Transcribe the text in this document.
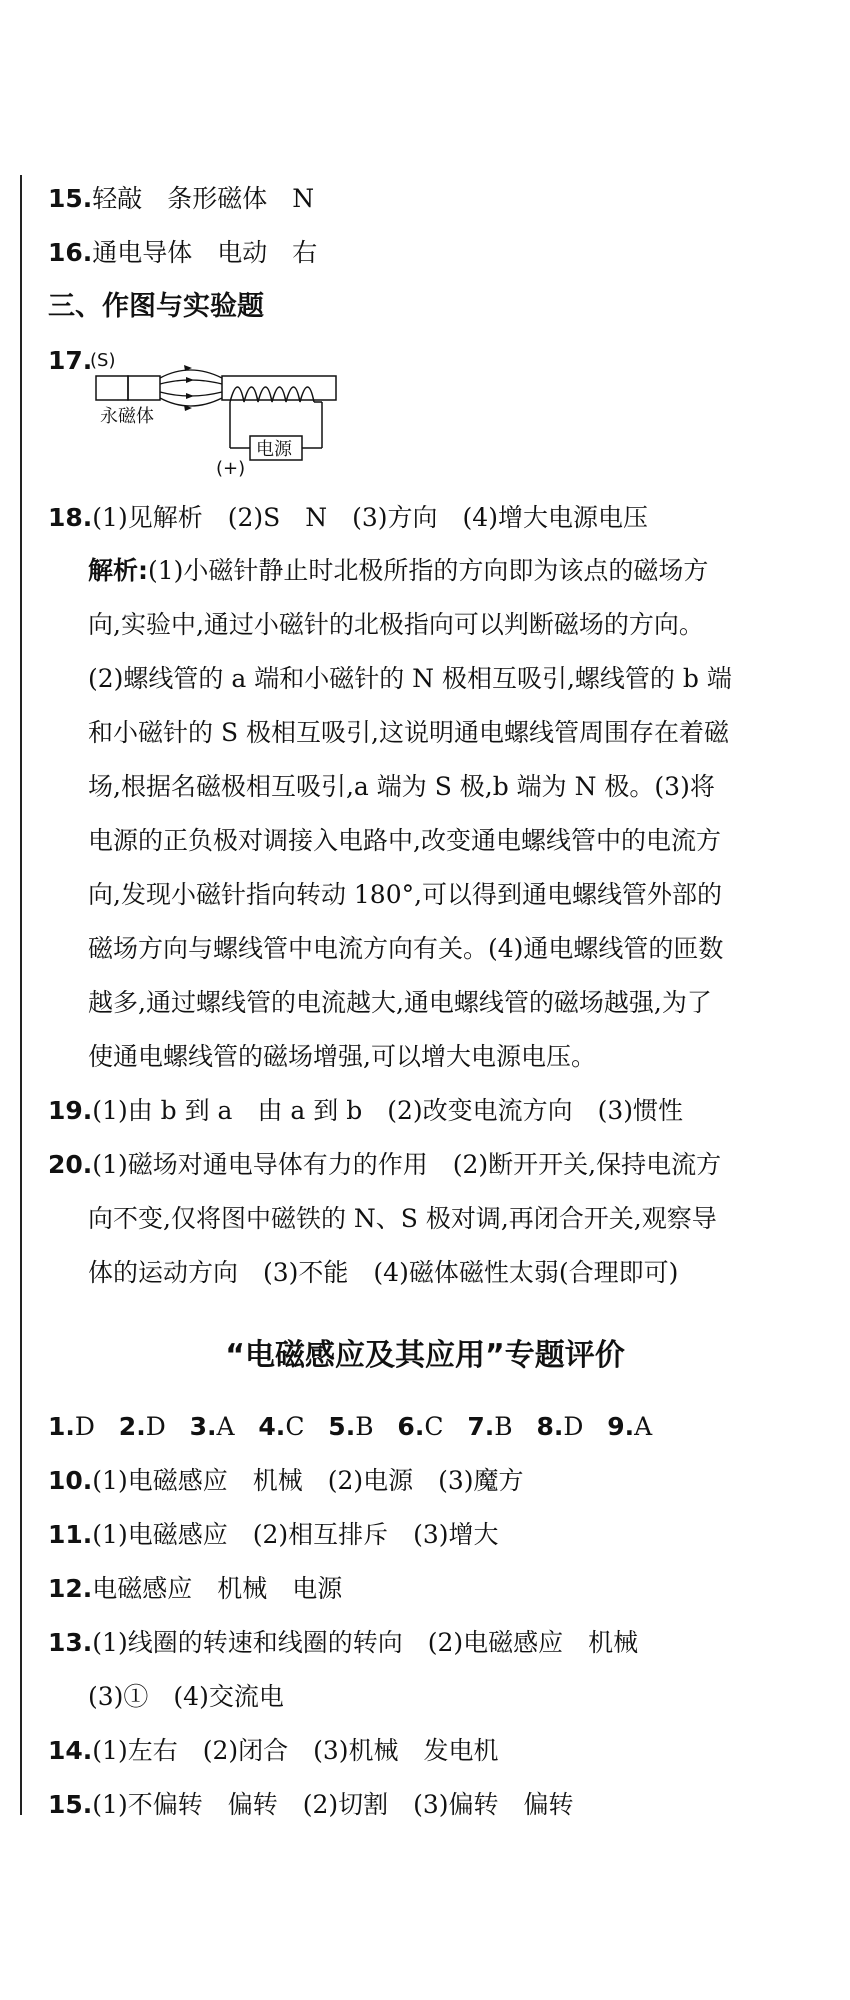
15.轻敲　条形磁体　N
16.通电导体　电动　右
三、作图与实验题
17.
(S)
永磁体
电源
(+)
18.(1)见解析　(2)S　N　(3)方向　(4)增大电源电压
解析:(1)小磁针静止时北极所指的方向即为该点的磁场方
向,实验中,通过小磁针的北极指向可以判断磁场的方向。
(2)螺线管的 a 端和小磁针的 N 极相互吸引,螺线管的 b 端
和小磁针的 S 极相互吸引,这说明通电螺线管周围存在着磁
场,根据名磁极相互吸引,a 端为 S 极,b 端为 N 极。(3)将
电源的正负极对调接入电路中,改变通电螺线管中的电流方
向,发现小磁针指向转动 180°,可以得到通电螺线管外部的
磁场方向与螺线管中电流方向有关。(4)通电螺线管的匝数
越多,通过螺线管的电流越大,通电螺线管的磁场越强,为了
使通电螺线管的磁场增强,可以增大电源电压。
19.(1)由 b 到 a　由 a 到 b　(2)改变电流方向　(3)惯性
20.(1)磁场对通电导体有力的作用　(2)断开开关,保持电流方
向不变,仅将图中磁铁的 N、S 极对调,再闭合开关,观察导
体的运动方向　(3)不能　(4)磁体磁性太弱(合理即可)
“电磁感应及其应用”专题评价
1.D 2.D 3.A 4.C 5.B 6.C 7.B 8.D 9.A
10.(1)电磁感应　机械　(2)电源　(3)魔方
11.(1)电磁感应　(2)相互排斥　(3)增大
12.电磁感应　机械　电源
13.(1)线圈的转速和线圈的转向　(2)电磁感应　机械
(3)①　(4)交流电
14.(1)左右　(2)闭合　(3)机械　发电机
15.(1)不偏转　偏转　(2)切割　(3)偏转　偏转
